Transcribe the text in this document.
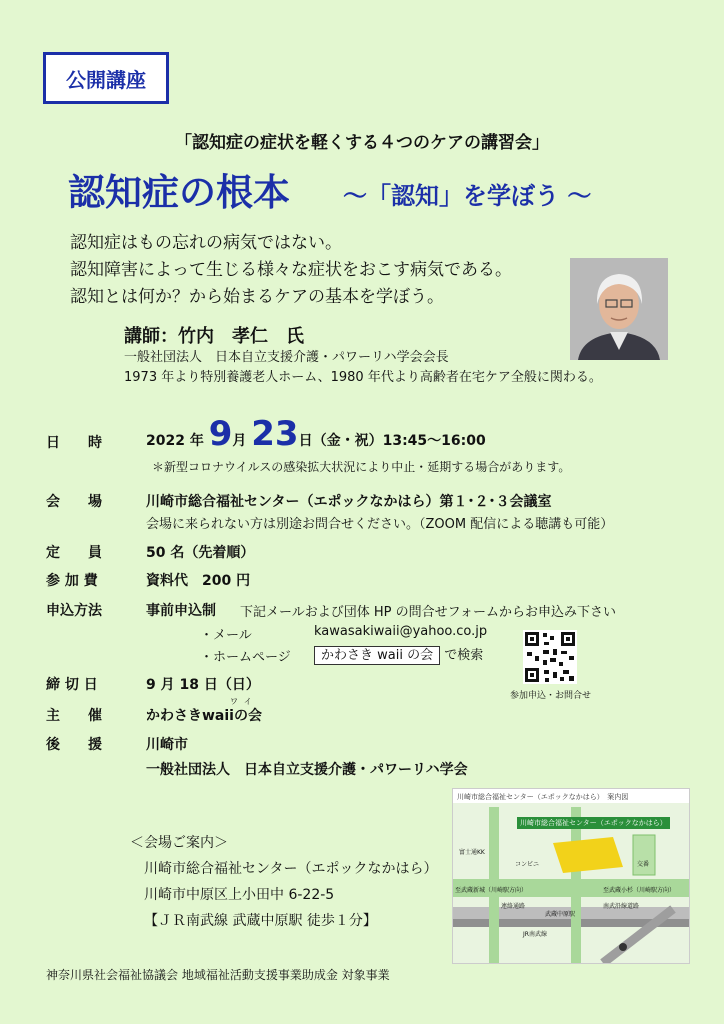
公開講座
「認知症の症状を軽くする４つのケアの講習会」
認知症の根本 ～「認知」を学ぼう ～
認知症はもの忘れの病気ではない。
認知障害によって生じる様々な症状をおこす病気である。
認知とは何か？から始まるケアの基本を学ぼう。
講師：竹内　孝仁　氏
一般社団法人　日本自立支援介護・パワーリハ学会会長
1973 年より特別養護老人ホーム、1980 年代より高齢者在宅ケア全般に関わる。
日　　時	2022 年 9月 23日（金・祝）13:45～16:00
＊新型コロナウイルスの感染拡大状況により中止・延期する場合があります。
会　　場	川崎市総合福祉センター（エポックなかはら）第１･２･３会議室
会場に来られない方は別途お問合せください。（ZOOM 配信による聴講も可能）
定　　員	50 名（先着順）
参 加 費	資料代　200 円
申込方法	事前申込制 下記メールおよび団体 HP の問合せフォームからお申込み下さい
・メール	kawasakiwaii@yahoo.co.jp
・ホームページ	かわさき waii の会 で検索
参加申込・お問合せ
締 切 日	9 月 18 日（日）
ワイ
主　　催	かわさきwaiiの会
後　　援	川崎市
一般社団法人　日本自立支援介護・パワーリハ学会
＜会場ご案内＞
川崎市総合福祉センター（エポックなかはら）
川崎市中原区上小田中 6-22-5
【ＪＲ南武線 武蔵中原駅 徒歩１分】
川崎市総合福祉センター（エポックなかはら）　案内図
川崎市総合福祉センター（エポックなかはら）
富士通KK
コンビニ	交番
至武蔵新城（川崎駅方向）	至武蔵小杉（川崎駅方向）
連絡通路
武蔵中原駅
南武沿線道路
JR南武線
神奈川県社会福祉協議会 地域福祉活動支援事業助成金 対象事業
